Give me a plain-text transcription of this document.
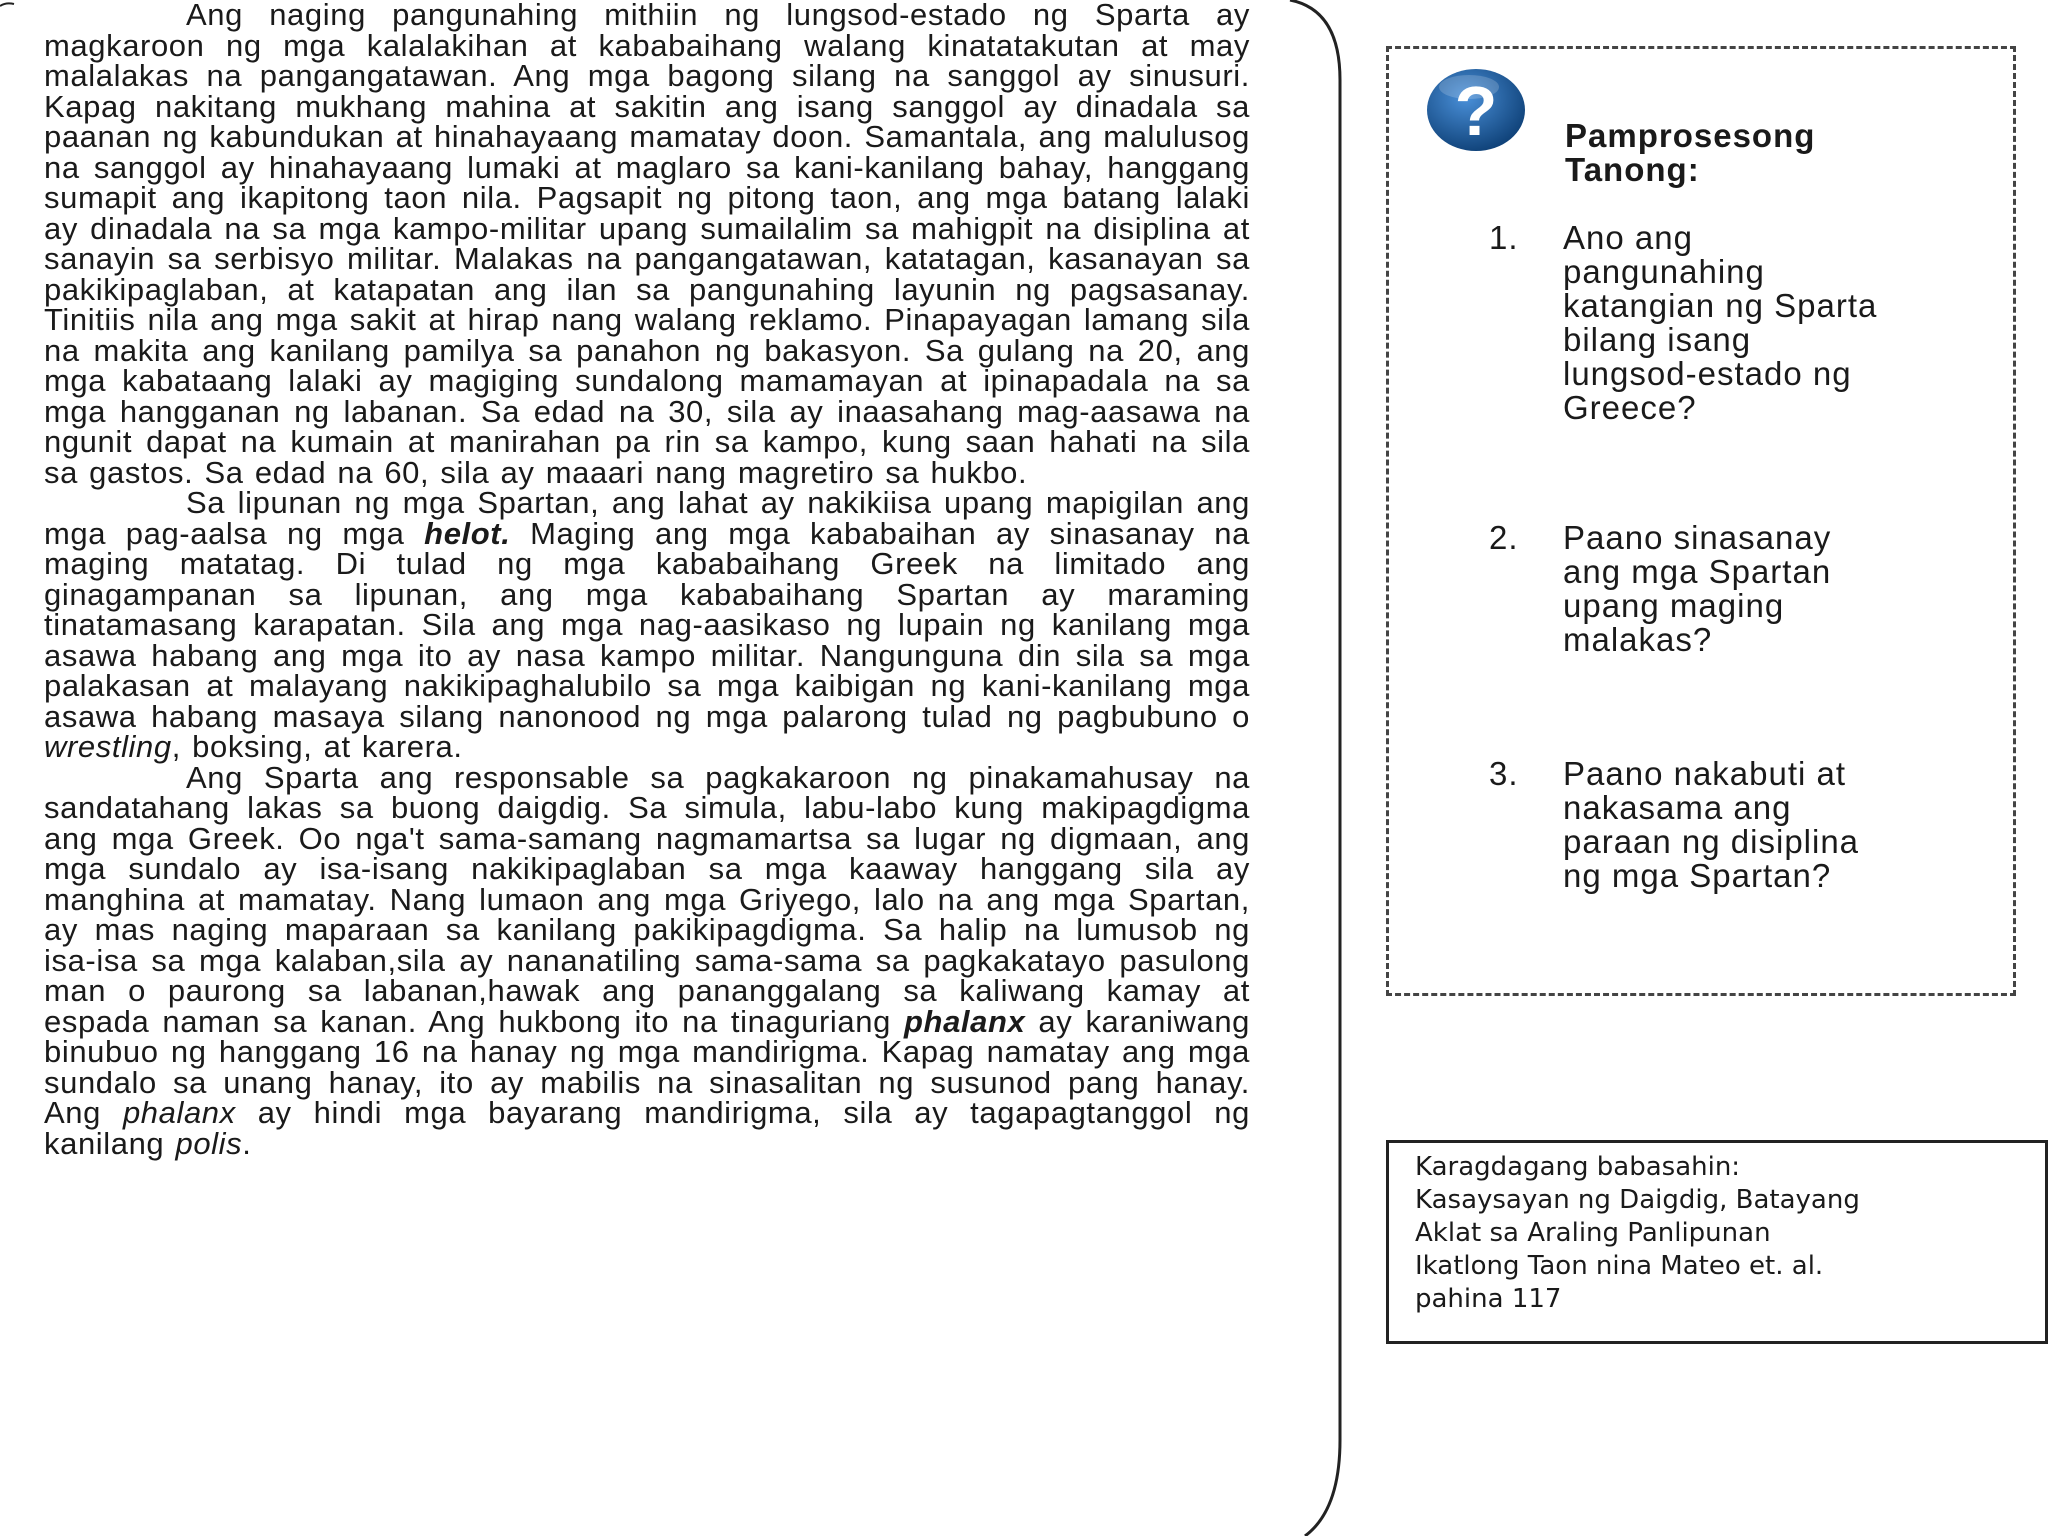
Ang naging pangunahing mithiin ng lungsod-estado ng Sparta ay magkaroon ng mga kalalakihan at kababaihang walang kinatatakutan at may malalakas na pangangatawan. Ang mga bagong silang na sanggol ay sinusuri. Kapag nakitang mukhang mahina at sakitin ang isang sanggol ay dinadala sa paanan ng kabundukan at hinahayaang mamatay doon. Samantala, ang malulusog na sanggol ay hinahayaang lumaki at maglaro sa kani-kanilang bahay, hanggang sumapit ang ikapitong taon nila. Pagsapit ng pitong taon, ang mga batang lalaki ay dinadala na sa mga kampo-militar upang sumailalim sa mahigpit na disiplina at sanayin sa serbisyo militar. Malakas na pangangatawan, katatagan, kasanayan sa pakikipaglaban, at katapatan ang ilan sa pangunahing layunin ng pagsasanay. Tinitiis nila ang mga sakit at hirap nang walang reklamo. Pinapayagan lamang sila na makita ang kanilang pamilya sa panahon ng bakasyon. Sa gulang na 20, ang mga kabataang lalaki ay magiging sundalong mamamayan at ipinapadala na sa mga hangganan ng labanan. Sa edad na 30, sila ay inaasahang mag-aasawa na ngunit dapat na kumain at manirahan pa rin sa kampo, kung saan hahati na sila sa gastos. Sa edad na 60, sila ay maaari nang magretiro sa hukbo.

Sa lipunan ng mga Spartan, ang lahat ay nakikiisa upang mapigilan ang mga pag-aalsa ng mga helot. Maging ang mga kababaihan ay sinasanay na maging matatag. Di tulad ng mga kababaihang Greek na limitado ang ginagampanan sa lipunan, ang mga kababaihang Spartan ay maraming tinatamasang karapatan. Sila ang mga nag-aasikaso ng lupain ng kanilang mga asawa habang ang mga ito ay nasa kampo militar. Nangunguna din sila sa mga palakasan at malayang nakikipaghalubilo sa mga kaibigan ng kani-kanilang mga asawa habang masaya silang nanonood ng mga palarong tulad ng pagbubuno o wrestling, boksing, at karera.

Ang Sparta ang responsable sa pagkakaroon ng pinakamahusay na sandatahang lakas sa buong daigdig. Sa simula, labu-labo kung makipagdigma ang mga Greek. Oo nga't sama-samang nagmamartsa sa lugar ng digmaan, ang mga sundalo ay isa-isang nakikipaglaban sa mga kaaway hanggang sila ay manghina at mamatay. Nang lumaon ang mga Griyego, lalo na ang mga Spartan, ay mas naging maparaan sa kanilang pakikipagdigma. Sa halip na lumusob ng isa-isa sa mga kalaban,sila ay nananatiling sama-sama sa pagkakatayo pasulong man o paurong sa labanan,hawak ang pananggalang sa kaliwang kamay at espada naman sa kanan. Ang hukbong ito na tinaguriang phalanx ay karaniwang binubuo ng hanggang 16 na hanay ng mga mandirigma. Kapag namatay ang mga sundalo sa unang hanay, ito ay mabilis na sinasalitan ng susunod pang hanay. Ang phalanx ay hindi mga bayarang mandirigma, sila ay tagapagtanggol ng kanilang polis.

? Pamprosesong
Tanong:
1.	Ano ang
pangunahing
katangian ng Sparta
bilang isang
lungsod-estado ng
Greece?
2.	Paano sinasanay
ang mga Spartan
upang maging
malakas?
3.	Paano nakabuti at
nakasama ang
paraan ng disiplina
ng mga Spartan?
Karagdagang babasahin:
Kasaysayan ng Daigdig, Batayang
Aklat sa Araling Panlipunan
Ikatlong Taon nina Mateo et. al.
pahina 117
